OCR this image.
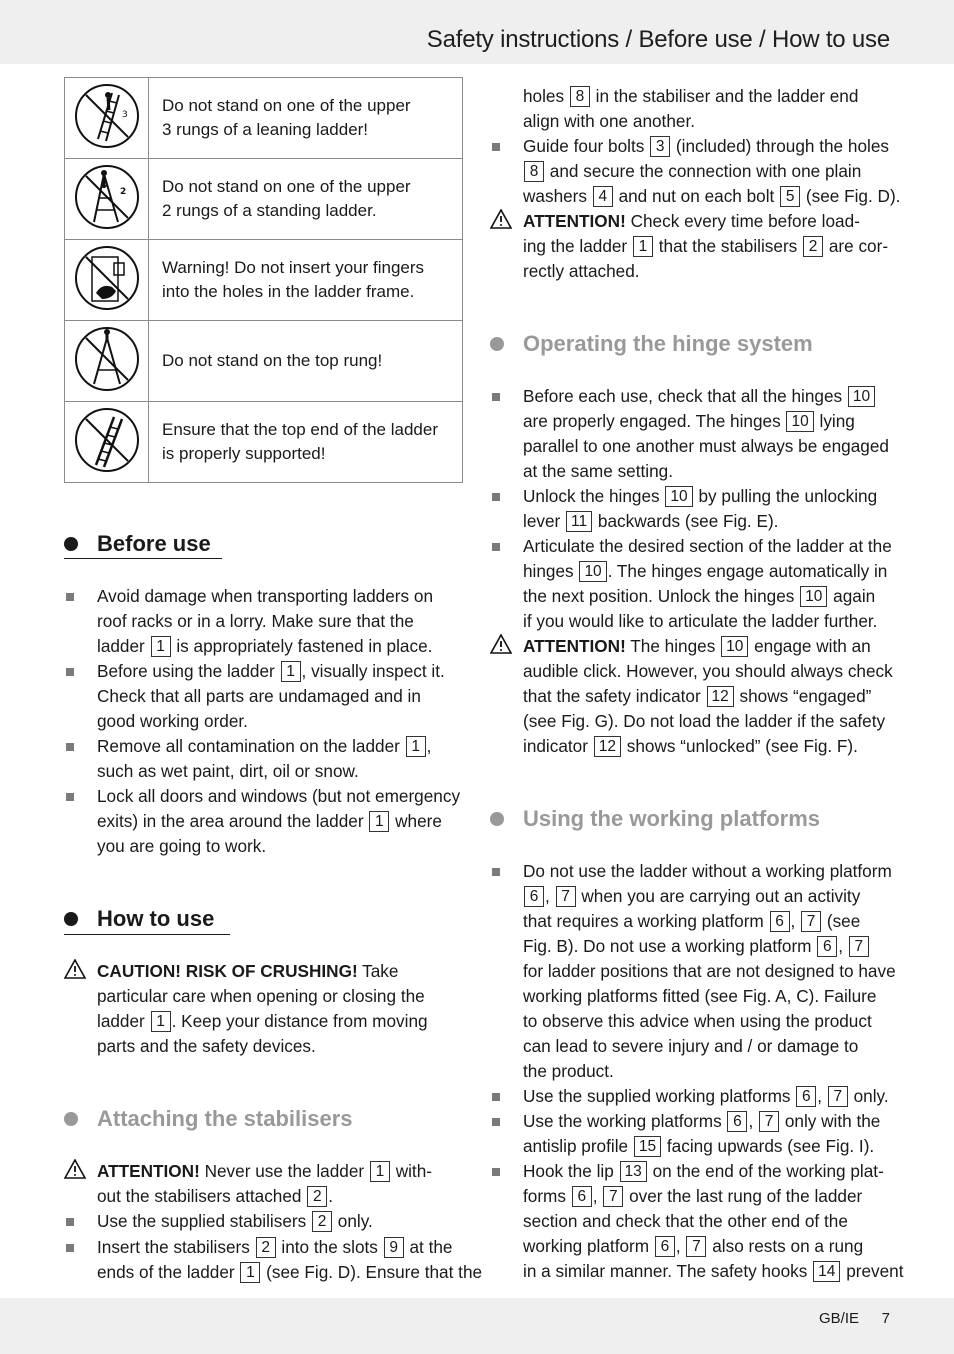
Safety instructions / Before use / How to use
3	Do not stand on one of the upper
3 rungs of a leaning ladder!

2	Do not stand on one of the upper
2 rungs of a standing ladder.

Warning! Do not insert your fingers
into the holes in the ladder frame.

Do not stand on the top rung!

Ensure that the top end of the ladder
is properly supported!
Before use
Avoid damage when transporting ladders on
roof racks or in a lorry. Make sure that the
ladder 1 is appropriately fastened in place.
Before using the ladder 1 , visually inspect it.
Check that all parts are undamaged and in
good working order.
Remove all contamination on the ladder 1 ,
such as wet paint, dirt, oil or snow.
Lock all doors and windows (but not emergency
exits) in the area around the ladder 1 where
you are going to work.
How to use
CAUTION! RISK OF CRUSHING! Take
particular care when opening or closing the
ladder 1 . Keep your distance from moving
parts and the safety devices.
Attaching the stabilisers
ATTENTION! Never use the ladder 1 with-
out the stabilisers attached 2 .
Use the supplied stabilisers 2 only.
Insert the stabilisers 2 into the slots 9 at the
ends of the ladder 1 (see Fig. D). Ensure that the
holes 8 in the stabiliser and the ladder end
align with one another.
Guide four bolts 3 (included) through the holes
8 and secure the connection with one plain
washers 4 and nut on each bolt 5 (see Fig. D).
ATTENTION! Check every time before load-
ing the ladder 1 that the stabilisers 2 are cor-
rectly attached.
Operating the hinge system
Before each use, check that all the hinges 10
are properly engaged. The hinges 10 lying
parallel to one another must always be engaged
at the same setting.
Unlock the hinges 10 by pulling the unlocking
lever 11 backwards (see Fig. E).
Articulate the desired section of the ladder at the
hinges 10 . The hinges engage automatically in
the next position. Unlock the hinges 10 again
if you would like to articulate the ladder further.
ATTENTION! The hinges 10 engage with an
audible click. However, you should always check
that the safety indicator 12 shows “engaged”
(see Fig. G). Do not load the ladder if the safety
indicator 12 shows “unlocked” (see Fig. F).
Using the working platforms
Do not use the ladder without a working platform
6 , 7 when you are carrying out an activity
that requires a working platform 6 , 7 (see
Fig. B). Do not use a working platform 6 , 7
for ladder positions that are not designed to have
working platforms fitted (see Fig. A, C). Failure
to observe this advice when using the product
can lead to severe injury and / or damage to
the product.
Use the supplied working platforms 6 , 7 only.
Use the working platforms 6 , 7 only with the
antislip profile 15 facing upwards (see Fig. I).
Hook the lip 13 on the end of the working plat-
forms 6 , 7 over the last rung of the ladder
section and check that the other end of the
working platform 6 , 7 also rests on a rung
in a similar manner. The safety hooks 14 prevent
GB/IE 7
